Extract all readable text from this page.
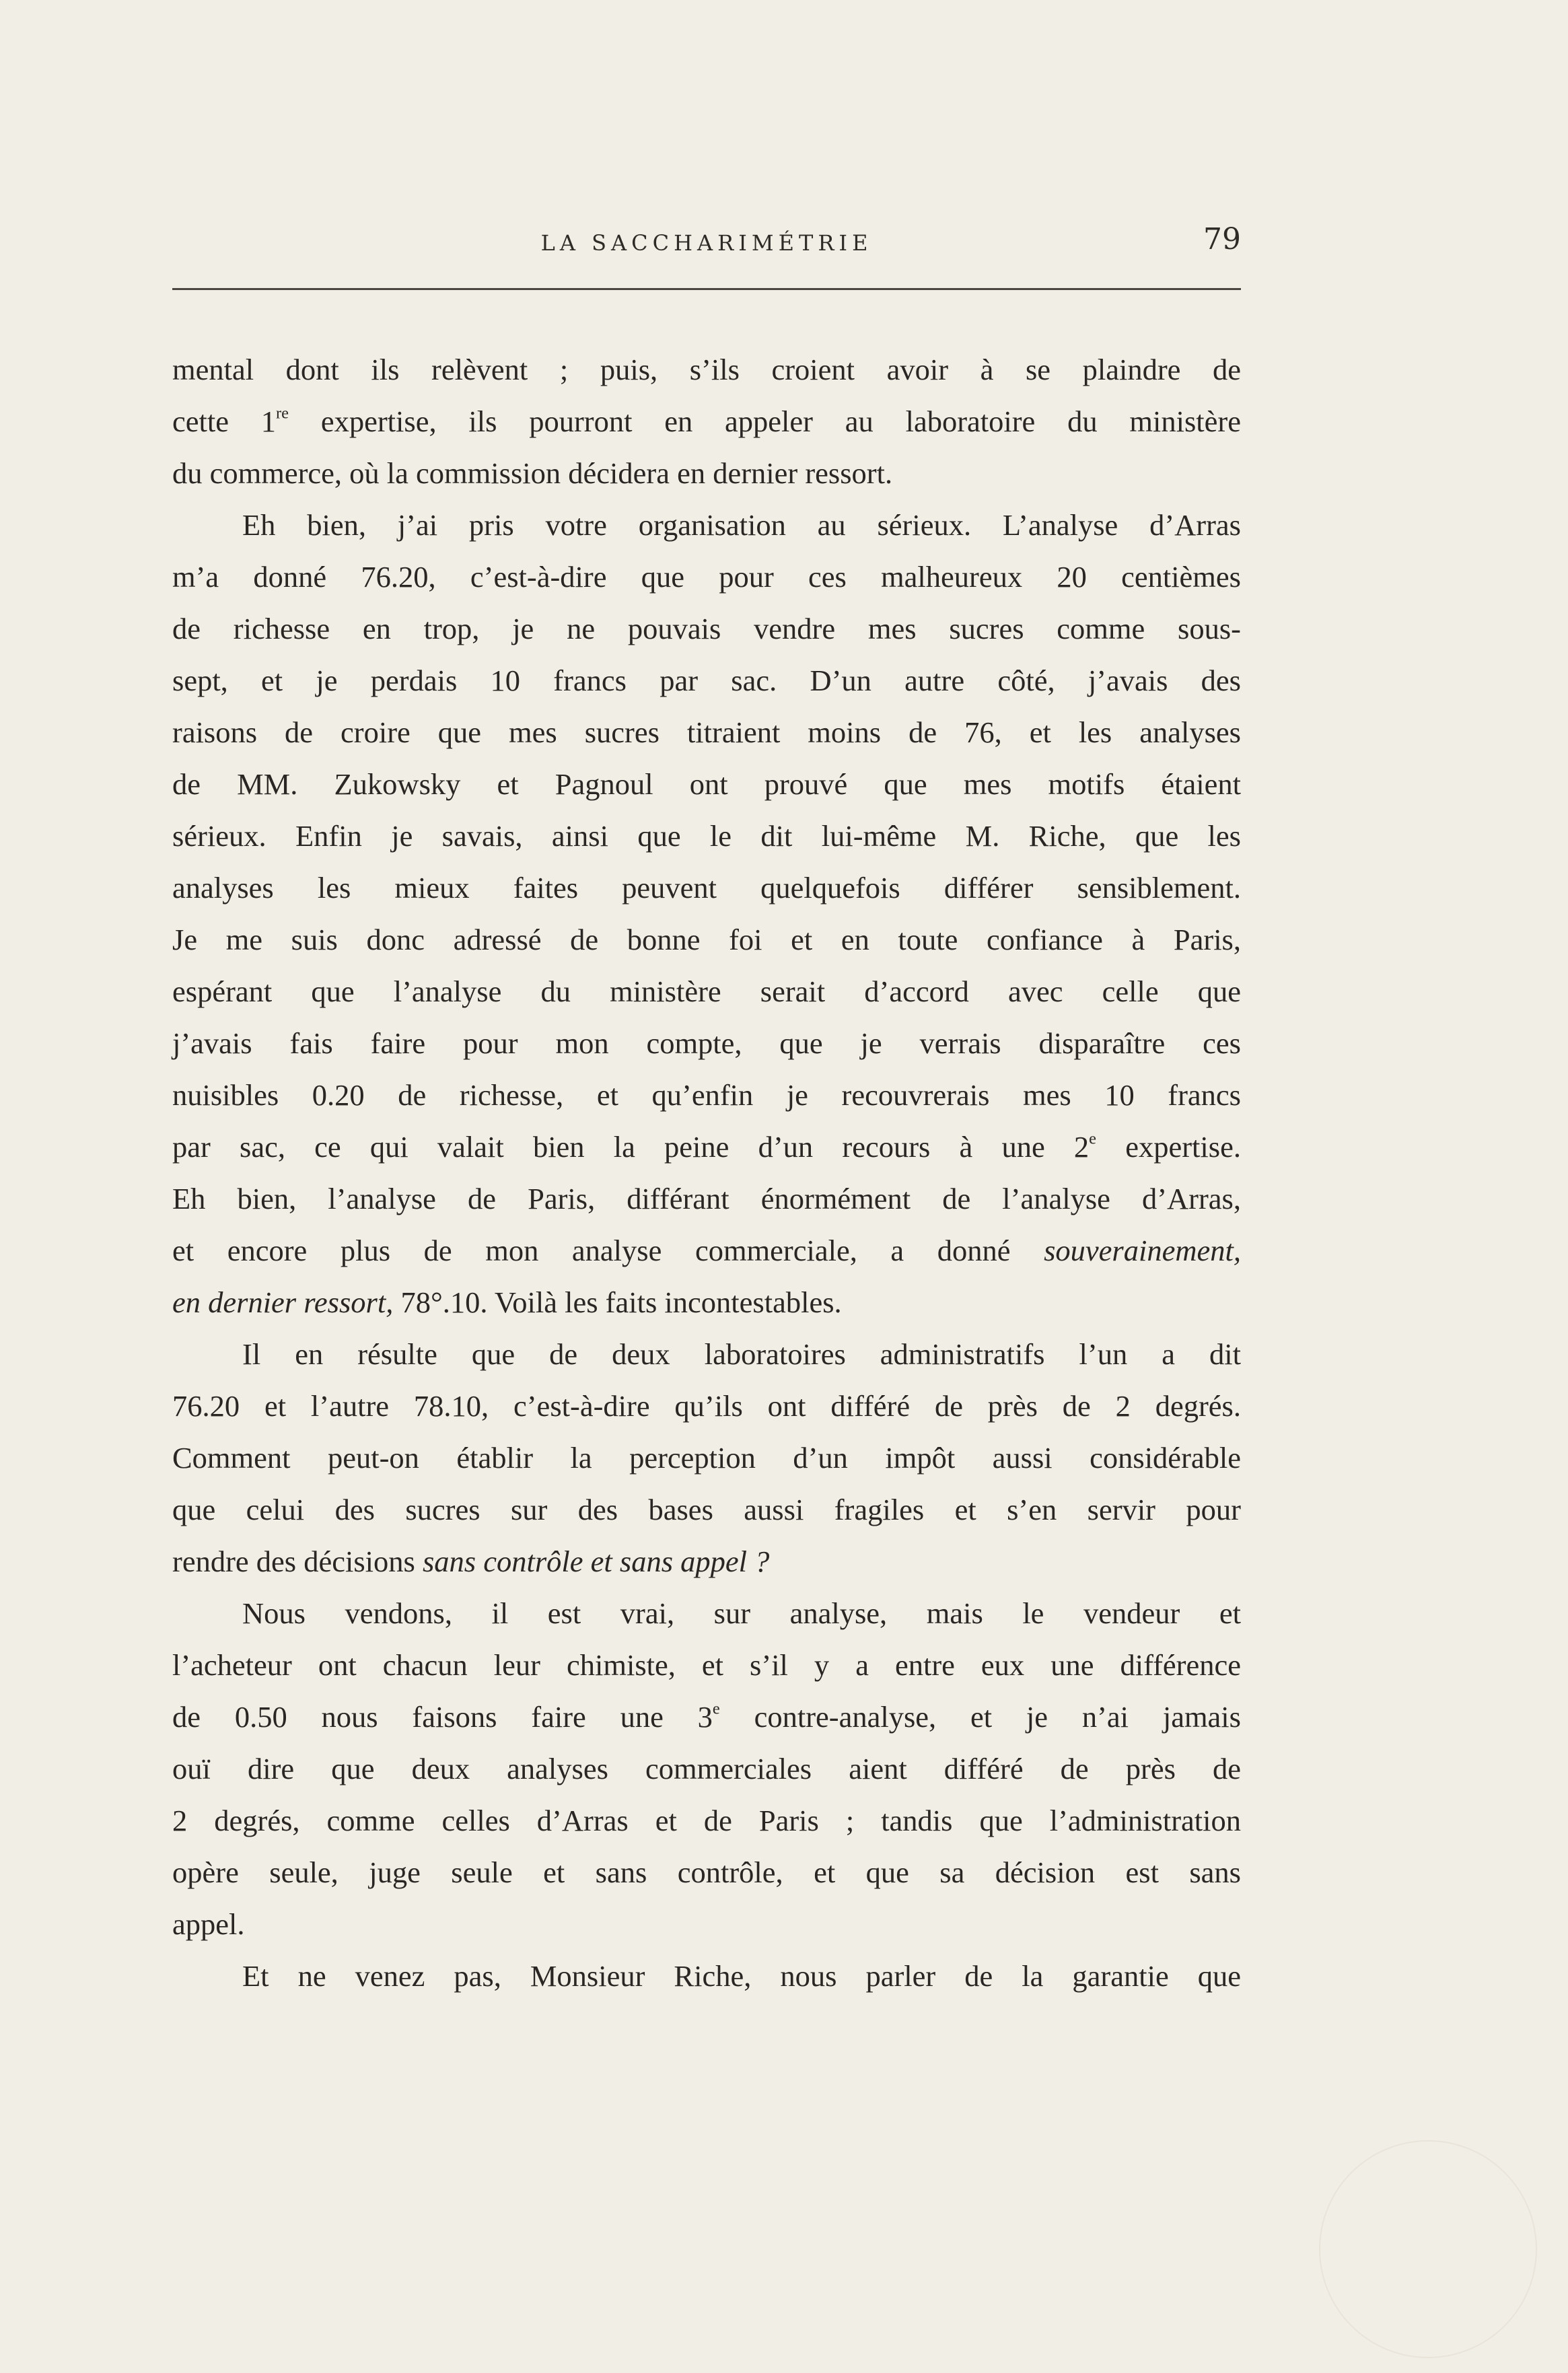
LA SACCHARIMÉTRIE	79
mental dont ils relèvent ; puis, s’ils croient avoir à se plaindre de
cette 1re expertise, ils pourront en appeler au laboratoire du ministère
du commerce, où la commission décidera en dernier ressort.
Eh bien, j’ai pris votre organisation au sérieux. L’analyse d’Arras
m’a donné 76.20, c’est-à-dire que pour ces malheureux 20 centièmes
de richesse en trop, je ne pouvais vendre mes sucres comme sous-
sept, et je perdais 10 francs par sac. D’un autre côté, j’avais des
raisons de croire que mes sucres titraient moins de 76, et les analyses
de MM. Zukowsky et Pagnoul ont prouvé que mes motifs étaient
sérieux. Enfin je savais, ainsi que le dit lui-même M. Riche, que les
analyses les mieux faites peuvent quelquefois différer sensiblement.
Je me suis donc adressé de bonne foi et en toute confiance à Paris,
espérant que l’analyse du ministère serait d’accord avec celle que
j’avais fais faire pour mon compte, que je verrais disparaître ces
nuisibles 0.20 de richesse, et qu’enfin je recouvrerais mes 10 francs
par sac, ce qui valait bien la peine d’un recours à une 2e expertise.
Eh bien, l’analyse de Paris, différant énormément de l’analyse d’Arras,
et encore plus de mon analyse commerciale, a donné souverainement,
en dernier ressort, 78°.10. Voilà les faits incontestables.
Il en résulte que de deux laboratoires administratifs l’un a dit
76.20 et l’autre 78.10, c’est-à-dire qu’ils ont différé de près de 2 degrés.
Comment peut-on établir la perception d’un impôt aussi considérable
que celui des sucres sur des bases aussi fragiles et s’en servir pour
rendre des décisions sans contrôle et sans appel ?
Nous vendons, il est vrai, sur analyse, mais le vendeur et
l’acheteur ont chacun leur chimiste, et s’il y a entre eux une différence
de 0.50 nous faisons faire une 3e contre-analyse, et je n’ai jamais
ouï dire que deux analyses commerciales aient différé de près de
2 degrés, comme celles d’Arras et de Paris ; tandis que l’administration
opère seule, juge seule et sans contrôle, et que sa décision est sans
appel.
Et ne venez pas, Monsieur Riche, nous parler de la garantie que
